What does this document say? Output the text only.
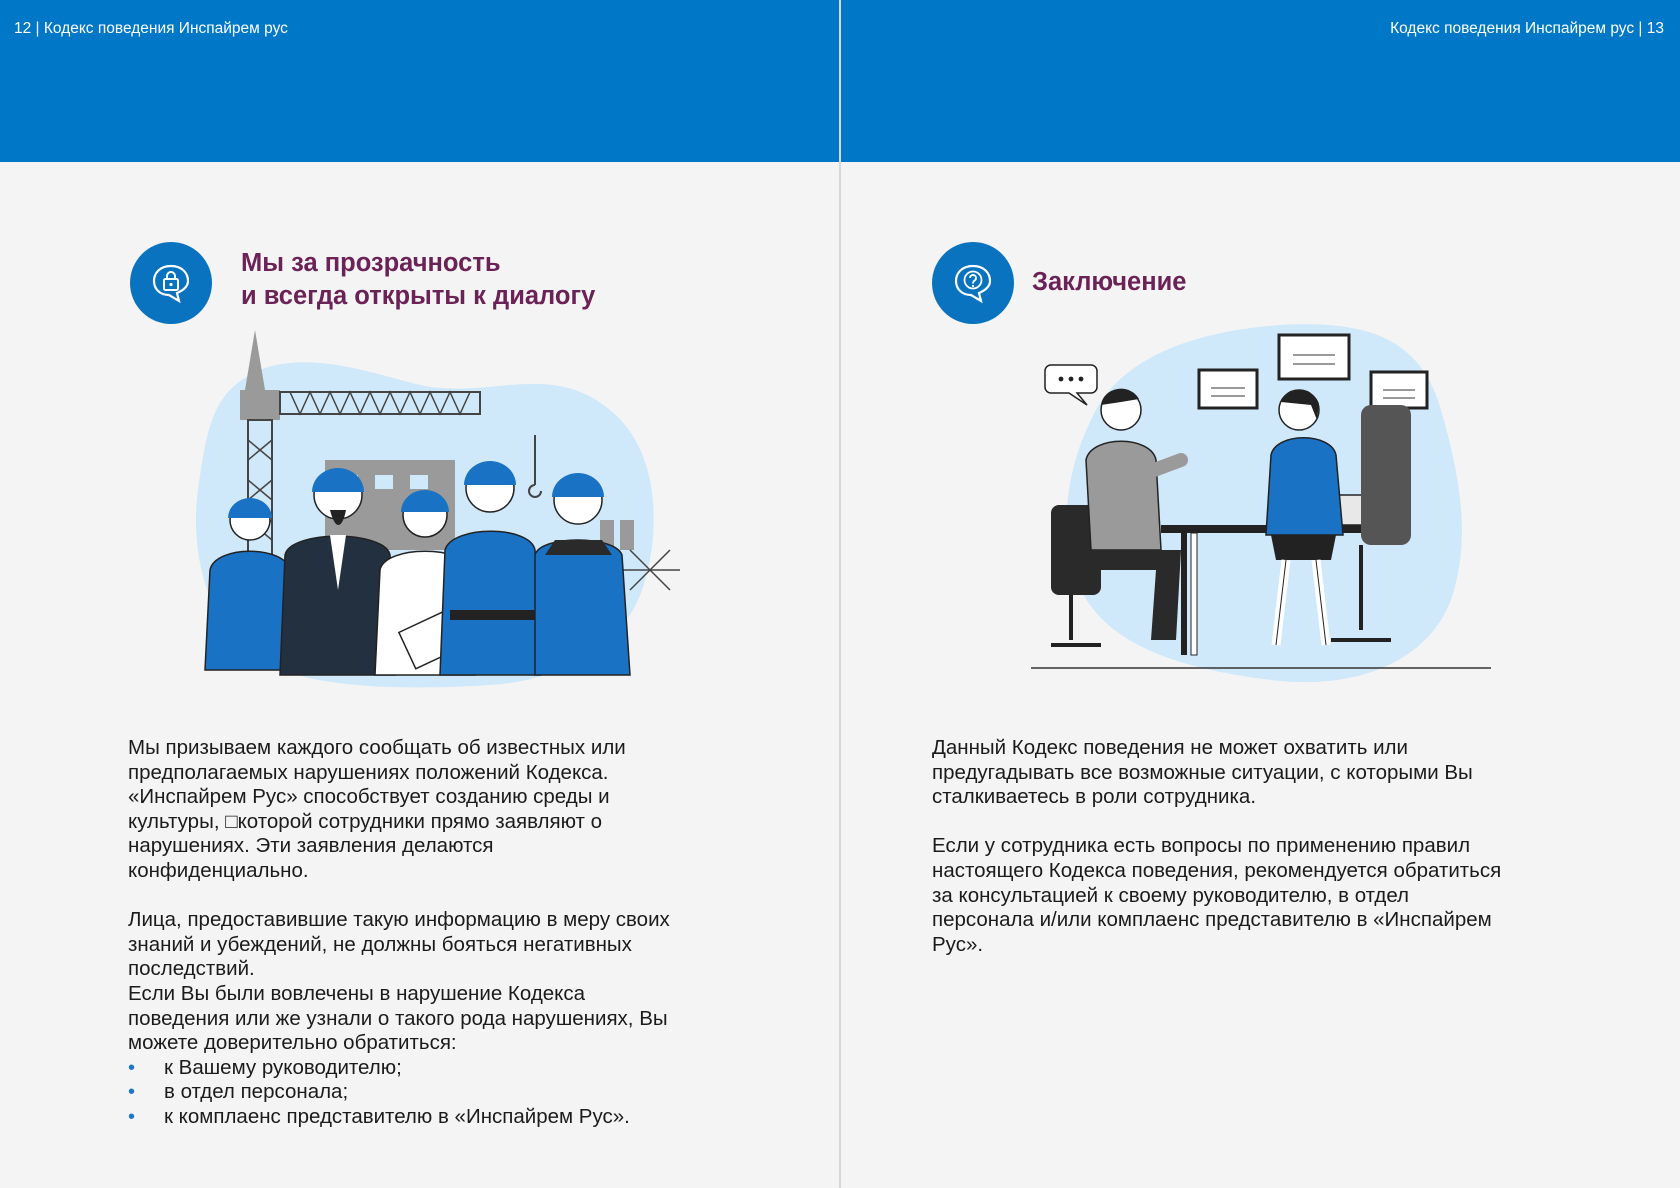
12 | Кодекс поведения Инспайрем рус
Мы за прозрачность
и всегда открыты к диалогу

Мы призываем каждого сообщать об известных или
предполагаемых нарушениях положений Кодекса.
«Инспайрем Рус» способствует созданию среды и
культуры, □которой сотрудники прямо заявляют о
нарушениях. Эти заявления делаются
конфиденциально.

Лица, предоставившие такую информацию в меру своих
знаний и убеждений, не должны бояться негативных
последствий.

Если Вы были вовлечены в нарушение Кодекса
поведения или же узнали о такого рода нарушениях, Вы
можете доверительно обратиться:

• к Вашему руководителю;
• в отдел персонала;
• к комплаенс представителю в «Инспайрем Рус».
Кодекс поведения Инспайрем рус | 13
Заключение

Данный Кодекс поведения не может охватить или
предугадывать все возможные ситуации, с которыми Вы
сталкиваетесь в роли сотрудника.

Если у сотрудника есть вопросы по применению правил
настоящего Кодекса поведения, рекомендуется обратиться
за консультацией к своему руководителю, в отдел
персонала и/или комплаенс представителю в «Инспайрем
Рус».
